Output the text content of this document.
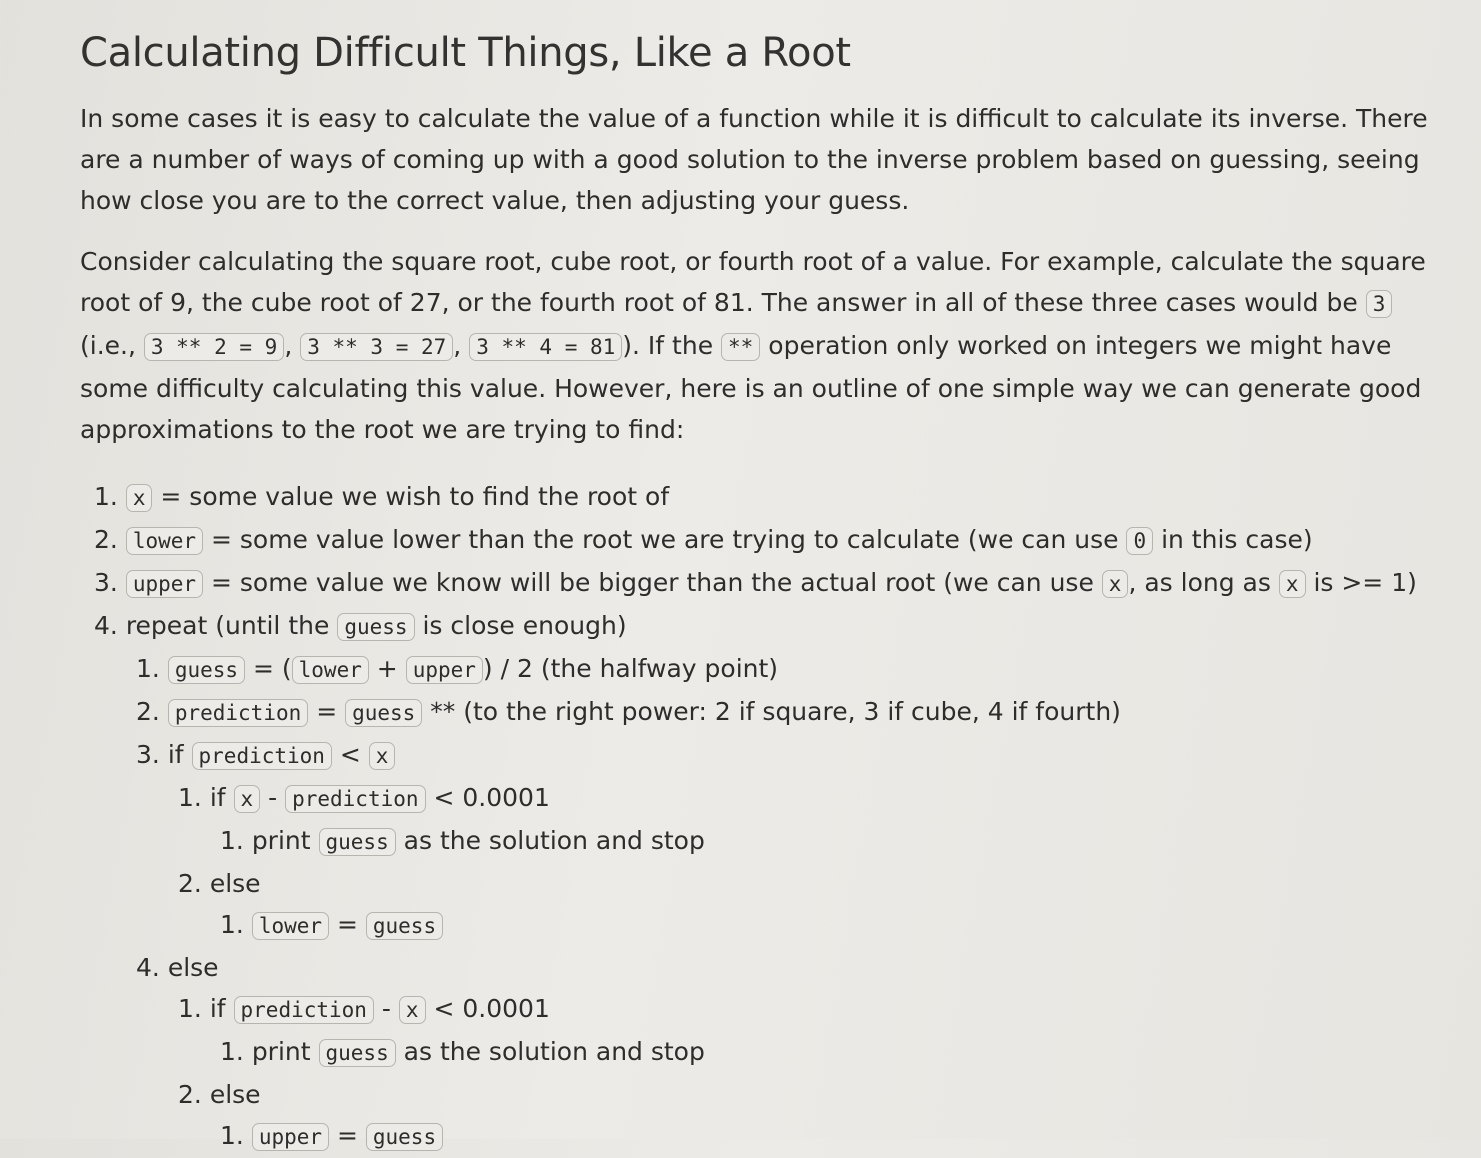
Calculating Difficult Things, Like a Root

In some cases it is easy to calculate the value of a function while it is difficult to calculate its inverse. There are a number of ways of coming up with a good solution to the inverse problem based on guessing, seeing how close you are to the correct value, then adjusting your guess.

Consider calculating the square root, cube root, or fourth root of a value. For example, calculate the square root of 9, the cube root of 27, or the fourth root of 81. The answer in all of these three cases would be 3 (i.e., 3 ** 2 = 9 , 3 ** 3 = 27 , 3 ** 4 = 81 ). If the ** operation only worked on integers we might have some difficulty calculating this value. However, here is an outline of one simple way we can generate good approximations to the root we are trying to find:

1. x = some value we wish to find the root of
2. lower = some value lower than the root we are trying to calculate (we can use 0 in this case)
3. upper = some value we know will be bigger than the actual root (we can use x , as long as x is >= 1)
4. repeat (until the guess is close enough)
1. guess = ( lower + upper ) / 2 (the halfway point)
2. prediction = guess ** (to the right power: 2 if square, 3 if cube, 4 if fourth)
3. if prediction < x
1. if x - prediction < 0.0001
1. print guess as the solution and stop
2. else
1. lower = guess
4. else
1. if prediction - x < 0.0001
1. print guess as the solution and stop
2. else
1. upper = guess
